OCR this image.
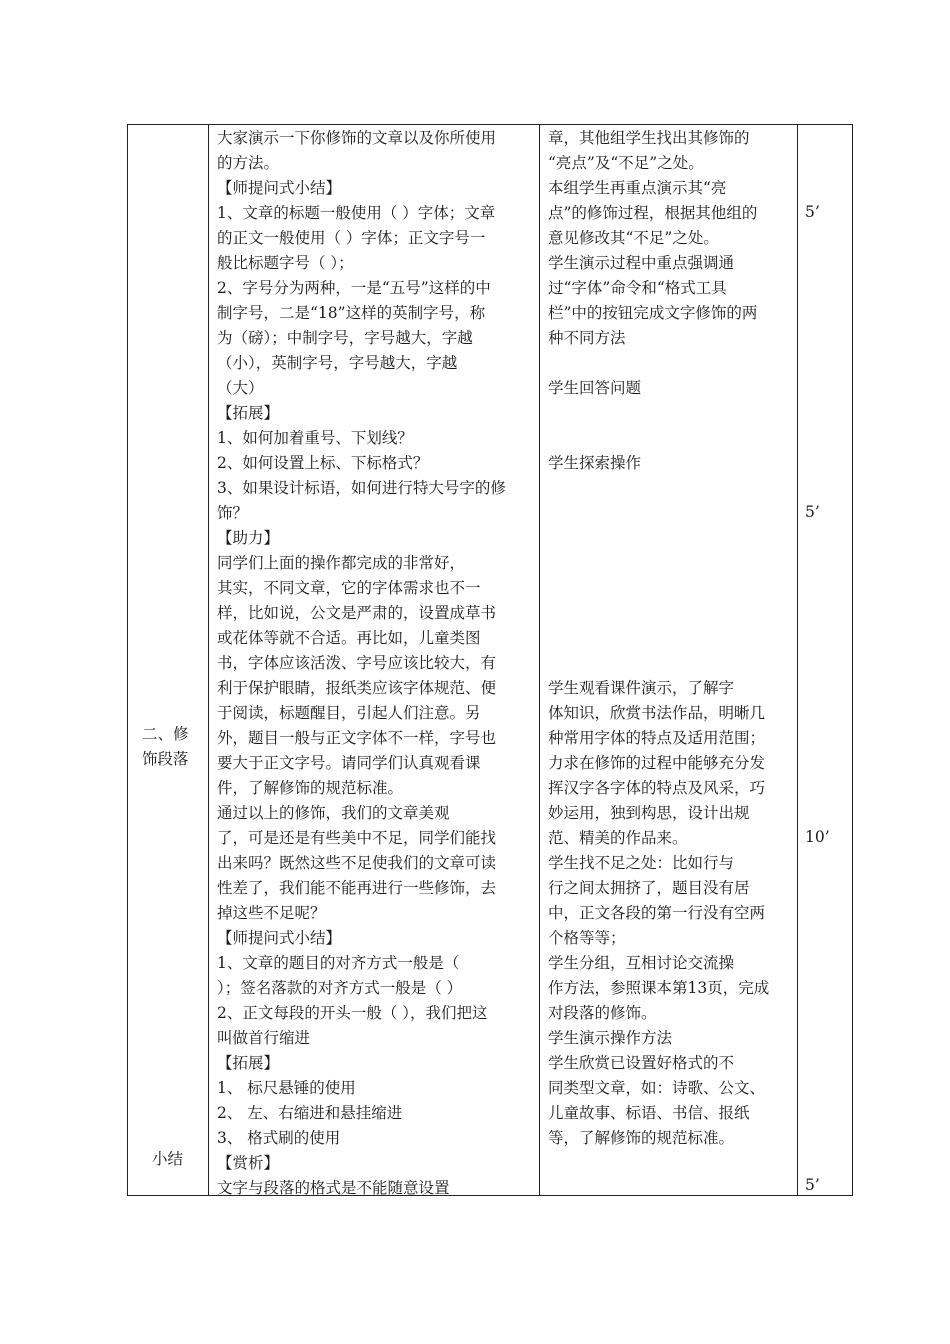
二、修
饰段落
小结
大家演示一下你修饰的文章以及你所使用
的方法。
【师提问式小结】
1、文章的标题一般使用（ ）字体；文章
的正文一般使用（ ）字体；正文字号一
般比标题字号（ ）；
2、字号分为两种，一是“五号”这样的中
制字号，二是“18”这样的英制字号，称
为（磅）；中制字号，字号越大，字越
（小），英制字号，字号越大，字越
（大）
【拓展】
1、如何加着重号、下划线？
2、如何设置上标、下标格式？
3、如果设计标语，如何进行特大号字的修
饰？
【助力】
同学们上面的操作都完成的非常好，
其实，不同文章，它的字体需求也不一
样，比如说，公文是严肃的，设置成草书
或花体等就不合适。再比如，儿童类图
书，字体应该活泼、字号应该比较大，有
利于保护眼睛，报纸类应该字体规范、便
于阅读，标题醒目，引起人们注意。另
外，题目一般与正文字体不一样，字号也
要大于正文字号。请同学们认真观看课
件，了解修饰的规范标准。
通过以上的修饰，我们的文章美观
了，可是还是有些美中不足，同学们能找
出来吗？既然这些不足使我们的文章可读
性差了，我们能不能再进行一些修饰，去
掉这些不足呢？
【师提问式小结】
1、文章的题目的对齐方式一般是（
）；签名落款的对齐方式一般是（ ）
2、正文每段的开头一般（ ），我们把这
叫做首行缩进
【拓展】
1、 标尺悬锤的使用
2、 左、右缩进和悬挂缩进
3、 格式刷的使用
【赏析】
文字与段落的格式是不能随意设置
章，其他组学生找出其修饰的
“亮点”及“不足”之处。
本组学生再重点演示其“亮
点”的修饰过程，根据其他组的
意见修改其“不足”之处。
学生演示过程中重点强调通
过“字体”命令和“格式工具
栏”中的按钮完成文字修饰的两
种不同方法
学生回答问题
学生探索操作
学生观看课件演示，了解字
体知识，欣赏书法作品，明晰几
种常用字体的特点及适用范围；
力求在修饰的过程中能够充分发
挥汉字各字体的特点及风采，巧
妙运用，独到构思，设计出规
范、精美的作品来。
学生找不足之处：比如行与
行之间太拥挤了，题目没有居
中，正文各段的第一行没有空两
个格等等；
学生分组，互相讨论交流操
作方法，参照课本第13页，完成
对段落的修饰。
学生演示操作方法
学生欣赏已设置好格式的不
同类型文章，如：诗歌、公文、
儿童故事、标语、书信、报纸
等，了解修饰的规范标准。
5’
5’
10’
5’
